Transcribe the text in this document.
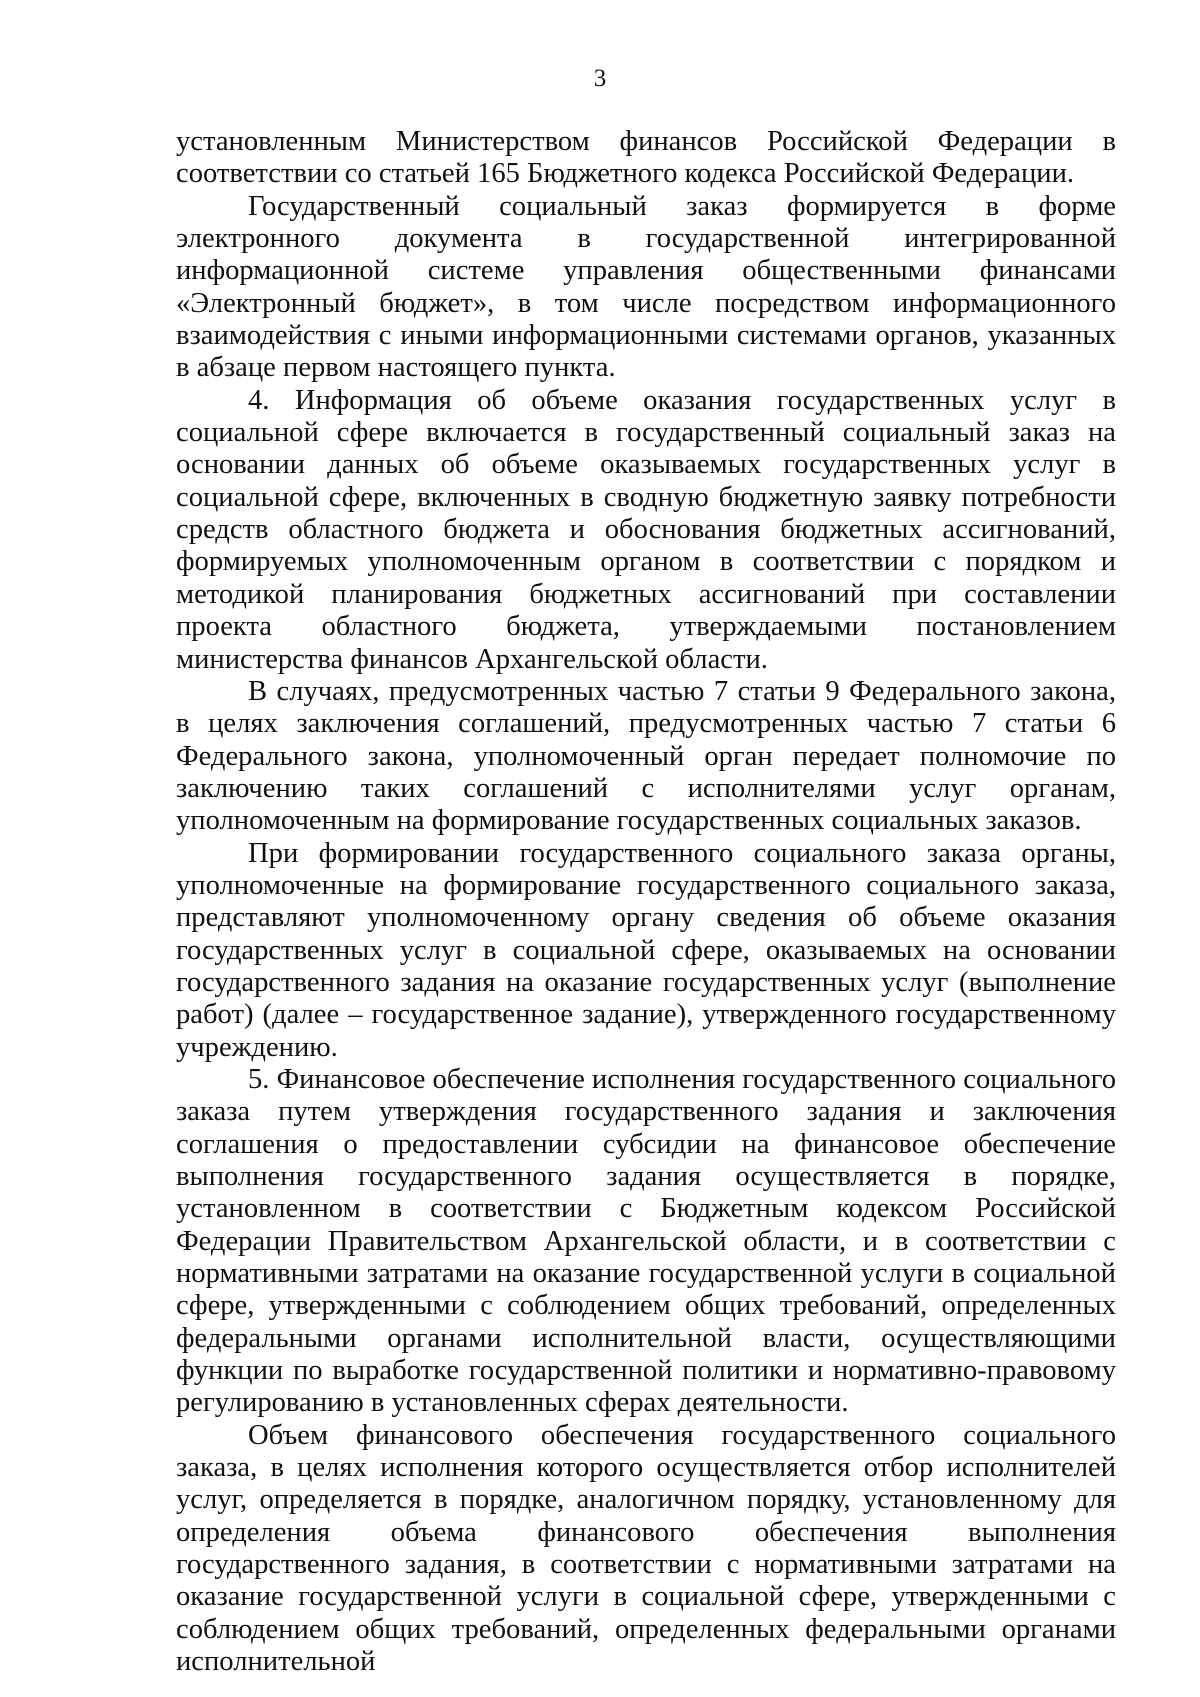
3

установленным Министерством финансов Российской Федерации в соответствии со статьей 165 Бюджетного кодекса Российской Федерации.

Государственный социальный заказ формируется в форме электронного документа в государственной интегрированной информационной системе управления общественными финансами «Электронный бюджет», в том числе посредством информационного взаимодействия с иными информационными системами органов, указанных в абзаце первом настоящего пункта.

4. Информация об объеме оказания государственных услуг в социальной сфере включается в государственный социальный заказ на основании данных об объеме оказываемых государственных услуг в социальной сфере, включенных в сводную бюджетную заявку потребности средств областного бюджета и обоснования бюджетных ассигнований, формируемых уполномоченным органом в соответствии с порядком и методикой планирования бюджетных ассигнований при составлении проекта областного бюджета, утверждаемыми постановлением министерства финансов Архангельской области.

В случаях, предусмотренных частью 7 статьи 9 Федерального закона, в целях заключения соглашений, предусмотренных частью 7 статьи 6 Федерального закона, уполномоченный орган передает полномочие по заключению таких соглашений с исполнителями услуг органам, уполномоченным на формирование государственных социальных заказов.

При формировании государственного социального заказа органы, уполномоченные на формирование государственного социального заказа, представляют уполномоченному органу сведения об объеме оказания государственных услуг в социальной сфере, оказываемых на основании государственного задания на оказание государственных услуг (выполнение работ) (далее – государственное задание), утвержденного государственному учреждению.

5. Финансовое обеспечение исполнения государственного социального заказа путем утверждения государственного задания и заключения соглашения о предоставлении субсидии на финансовое обеспечение выполнения государственного задания осуществляется в порядке, установленном в соответствии с Бюджетным кодексом Российской Федерации Правительством Архангельской области, и в соответствии с нормативными затратами на оказание государственной услуги в социальной сфере, утвержденными с соблюдением общих требований, определенных федеральными органами исполнительной власти, осуществляющими функции по выработке государственной политики и нормативно-правовому регулированию в установленных сферах деятельности.

Объем финансового обеспечения государственного социального заказа, в целях исполнения которого осуществляется отбор исполнителей услуг, определяется в порядке, аналогичном порядку, установленному для определения объема финансового обеспечения выполнения государственного задания, в соответствии с нормативными затратами на оказание государственной услуги в социальной сфере, утвержденными с соблюдением общих требований, определенных федеральными органами исполнительной
